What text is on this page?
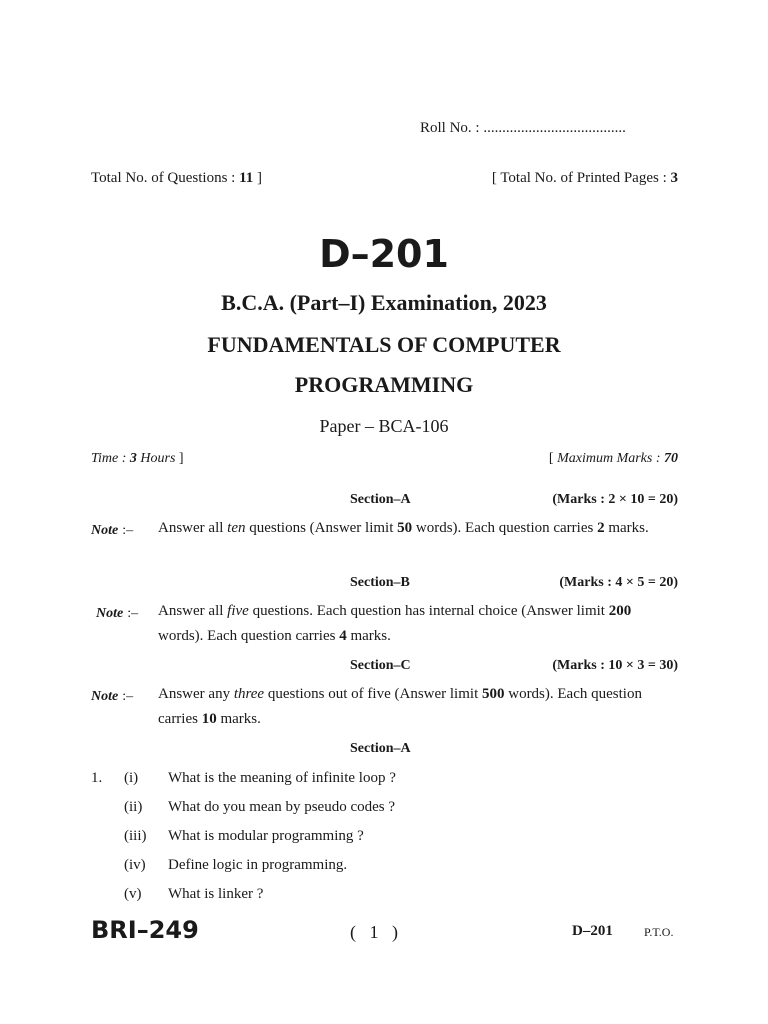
Roll No. : ......................................
Total No. of Questions : 11 ]	[ Total No. of Printed Pages : 3
D–201
B.C.A. (Part–I) Examination, 2023
FUNDAMENTALS OF COMPUTER
PROGRAMMING
Paper – BCA-106
Time : 3 Hours ]	[ Maximum Marks : 70
Section–A	(Marks : 2 × 10 = 20)
Note :– Answer all ten questions (Answer limit 50 words). Each question carries 2 marks.
Section–B	(Marks : 4 × 5 = 20)
Note :– Answer all five questions. Each question has internal choice (Answer limit 200 words). Each question carries 4 marks.
Section–C	(Marks : 10 × 3 = 30)
Note :– Answer any three questions out of five (Answer limit 500 words). Each question carries 10 marks.
Section–A
1. (i) What is the meaning of infinite loop ?
(ii) What do you mean by pseudo codes ?
(iii) What is modular programming ?
(iv) Define logic in programming.
(v) What is linker ?
BRI–249	(   1   )	D–201	P.T.O.
